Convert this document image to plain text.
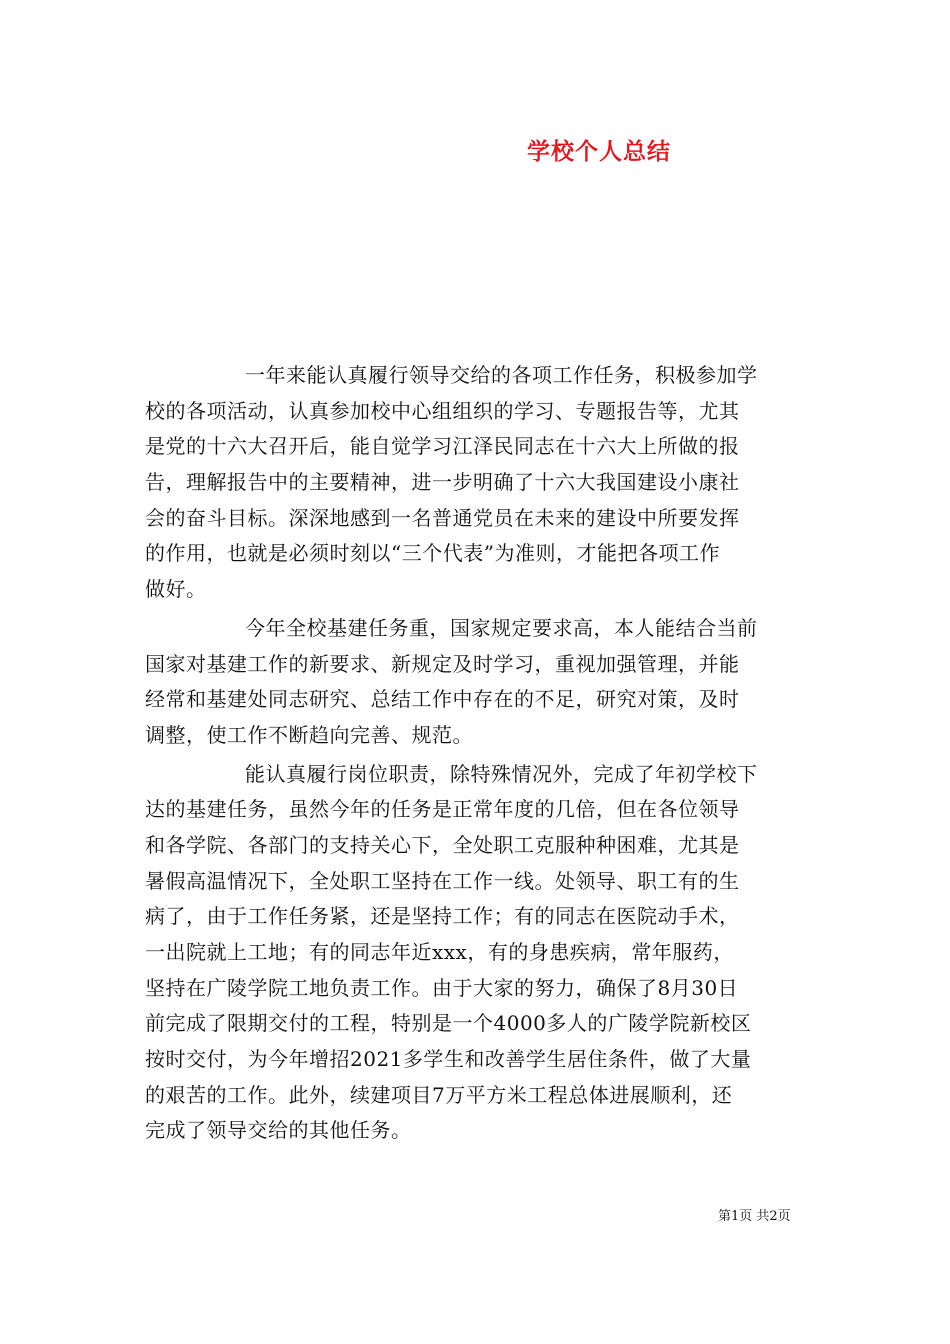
学校个人总结
一年来能认真履行领导交给的各项工作任务，积极参加学
校的各项活动，认真参加校中心组组织的学习、专题报告等，尤其
是党的十六大召开后，能自觉学习江泽民同志在十六大上所做的报
告，理解报告中的主要精神，进一步明确了十六大我国建设小康社
会的奋斗目标。深深地感到一名普通党员在未来的建设中所要发挥
的作用，也就是必须时刻以“三个代表”为准则，才能把各项工作
做好。
今年全校基建任务重，国家规定要求高，本人能结合当前
国家对基建工作的新要求、新规定及时学习，重视加强管理，并能
经常和基建处同志研究、总结工作中存在的不足，研究对策，及时
调整，使工作不断趋向完善、规范。
能认真履行岗位职责，除特殊情况外，完成了年初学校下
达的基建任务，虽然今年的任务是正常年度的几倍，但在各位领导
和各学院、各部门的支持关心下，全处职工克服种种困难，尤其是
暑假高温情况下，全处职工坚持在工作一线。处领导、职工有的生
病了，由于工作任务紧，还是坚持工作；有的同志在医院动手术，
一出院就上工地；有的同志年近xxx，有的身患疾病，常年服药，
坚持在广陵学院工地负责工作。由于大家的努力，确保了8月30日
前完成了限期交付的工程，特别是一个4000多人的广陵学院新校区
按时交付，为今年增招2021多学生和改善学生居住条件，做了大量
的艰苦的工作。此外，续建项目7万平方米工程总体进展顺利，还
完成了领导交给的其他任务。
第1页 共2页
